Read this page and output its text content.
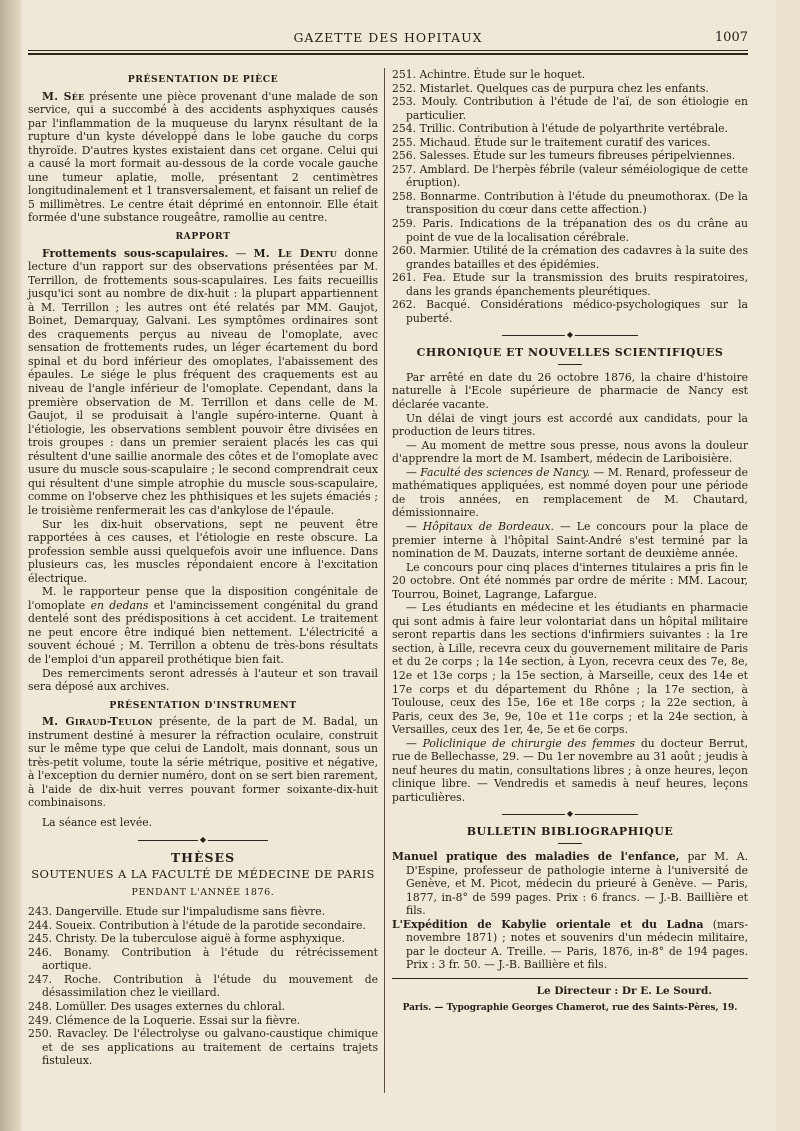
GAZETTE DES HOPITAUX	1007
PRÉSENTATION DE PIÈCE

M. Sée présente une pièce provenant d'une malade de son service, qui a succombé à des accidents asphyxiques causés par l'inflammation de la muqueuse du larynx résultant de la rupture d'un kyste développé dans le lobe gauche du corps thyroïde. D'autres kystes existaient dans cet organe. Celui qui a causé la mort formait au-dessous de la corde vocale gauche une tumeur aplatie, molle, présentant 2 centimètres longitudinalement et 1 transversalement, et faisant un relief de 5 millimètres. Le centre était déprimé en entonnoir. Elle était formée d'une substance rougeâtre, ramollie au centre.

RAPPORT

Frottements sous-scapulaires. — M. Le Dentu donne lecture d'un rapport sur des observations présentées par M. Terrillon, de frottements sous-scapulaires. Les faits recueillis jusqu'ici sont au nombre de dix-huit : la plupart appartiennent à M. Terrillon ; les autres ont été relatés par MM. Gaujot, Boinet, Demarquay, Galvani. Les symptômes ordinaires sont des craquements perçus au niveau de l'omoplate, avec sensation de frottements rudes, un léger écartement du bord spinal et du bord inférieur des omoplates, l'abaissement des épaules. Le siége le plus fréquent des craquements est au niveau de l'angle inférieur de l'omoplate. Cependant, dans la première observation de M. Terrillon et dans celle de M. Gaujot, il se produisait à l'angle supéro-interne. Quant à l'étiologie, les observations semblent pouvoir être divisées en trois groupes : dans un premier seraient placés les cas qui résultent d'une saillie anormale des côtes et de l'omoplate avec usure du muscle sous-scapulaire ; le second comprendrait ceux qui résultent d'une simple atrophie du muscle sous-scapulaire, comme on l'observe chez les phthisiques et les sujets émaciés ; le troisième renfermerait les cas d'ankylose de l'épaule.

Sur les dix-huit observations, sept ne peuvent être rapportées à ces causes, et l'étiologie en reste obscure. La profession semble aussi quelquefois avoir une influence. Dans plusieurs cas, les muscles répondaient encore à l'excitation électrique.

M. le rapporteur pense que la disposition congénitale de l'omoplate en dedans et l'amincissement congénital du grand dentelé sont des prédispositions à cet accident. Le traitement ne peut encore être indiqué bien nettement. L'électricité a souvent échoué ; M. Terrillon a obtenu de très-bons résultats de l'emploi d'un appareil prothétique bien fait.

Des remerciments seront adressés à l'auteur et son travail sera déposé aux archives.

PRÉSENTATION D'INSTRUMENT

M. Giraud-Teulon présente, de la part de M. Badal, un instrument destiné à mesurer la réfraction oculaire, construit sur le même type que celui de Landolt, mais donnant, sous un très-petit volume, toute la série métrique, positive et négative, à l'exception du dernier numéro, dont on se sert bien rarement, à l'aide de dix-huit verres pouvant former soixante-dix-huit combinaisons.

La séance est levée.

◆
THÈSES
SOUTENUES A LA FACULTÉ DE MÉDECINE DE PARIS
PENDANT L'ANNÉE 1876.

243. Dangerville. Etude sur l'impaludisme sans fièvre.

244. Soueix. Contribution à l'étude de la parotide secondaire.

245. Christy. De la tuberculose aiguë à forme asphyxique.

246. Bonamy. Contribution à l'étude du rétrécissement aortique.

247. Roche. Contribution à l'étude du mouvement de désassimilation chez le vieillard.

248. Lomüller. Des usages externes du chloral.

249. Clémence de la Loquerie. Essai sur la fièvre.

250. Ravacley. De l'électrolyse ou galvano-caustique chimique et de ses applications au traitement de certains trajets fistuleux.

251. Achintre. Étude sur le hoquet.

252. Mistarlet. Quelques cas de purpura chez les enfants.

253. Mouly. Contribution à l'étude de l'aï, de son étiologie en particulier.

254. Trillic. Contribution à l'étude de polyarthrite vertébrale.

255. Michaud. Étude sur le traitement curatif des varices.

256. Salesses. Étude sur les tumeurs fibreuses péripelviennes.

257. Amblard. De l'herpès fébrile (valeur séméiologique de cette éruption).

258. Bonnarme. Contribution à l'étude du pneumothorax. (De la transposition du cœur dans cette affection.)

259. Paris. Indications de la trépanation des os du crâne au point de vue de la localisation cérébrale.

260. Marmier. Utilité de la crémation des cadavres à la suite des grandes batailles et des épidémies.

261. Fea. Etude sur la transmission des bruits respiratoires, dans les grands épanchements pleurétiques.

262. Bacqué. Considérations médico-psychologiques sur la puberté.

◆
CHRONIQUE ET NOUVELLES SCIENTIFIQUES

Par arrêté en date du 26 octobre 1876, la chaire d'histoire naturelle à l'Ecole supérieure de pharmacie de Nancy est déclarée vacante.

Un délai de vingt jours est accordé aux candidats, pour la production de leurs titres.

— Au moment de mettre sous presse, nous avons la douleur d'apprendre la mort de M. Isambert, médecin de Lariboisière.

— Faculté des sciences de Nancy. — M. Renard, professeur de mathématiques appliquées, est nommé doyen pour une période de trois années, en remplacement de M. Chautard, démissionnaire.

— Hôpitaux de Bordeaux. — Le concours pour la place de premier interne à l'hôpital Saint-André s'est terminé par la nomination de M. Dauzats, interne sortant de deuxième année.

Le concours pour cinq places d'internes titulaires a pris fin le 20 octobre. Ont été nommés par ordre de mérite : MM. Lacour, Tourrou, Boinet, Lagrange, Lafargue.

— Les étudiants en médecine et les étudiants en pharmacie qui sont admis à faire leur volontariat dans un hôpital militaire seront repartis dans les sections d'infirmiers suivantes : la 1re section, à Lille, recevra ceux du gouvernement militaire de Paris et du 2e corps ; la 14e section, à Lyon, recevra ceux des 7e, 8e, 12e et 13e corps ; la 15e section, à Marseille, ceux des 14e et 17e corps et du département du Rhône ; la 17e section, à Toulouse, ceux des 15e, 16e et 18e corps ; la 22e section, à Paris, ceux des 3e, 9e, 10e et 11e corps ; et la 24e section, à Versailles, ceux des 1er, 4e, 5e et 6e corps.

— Policlinique de chirurgie des femmes du docteur Berrut, rue de Bellechasse, 29. — Du 1er novembre au 31 août ; jeudis à neuf heures du matin, consultations libres ; à onze heures, leçon clinique libre. — Vendredis et samedis à neuf heures, leçons particulières.

◆
BULLETIN BIBLIOGRAPHIQUE

Manuel pratique des maladies de l'enfance, par M. A. D'Espine, professeur de pathologie interne à l'université de Genève, et M. Picot, médecin du prieuré à Genève. — Paris, 1877, in-8° de 599 pages. Prix : 6 francs. — J.-B. Baillière et fils.

L'Expédition de Kabylie orientale et du Ladna (mars-novembre 1871) ; notes et souvenirs d'un médecin militaire, par le docteur A. Treille. — Paris, 1876, in-8° de 194 pages. Prix : 3 fr. 50. — J.-B. Baillière et fils.

Le Directeur : Dr E. Le Sourd.
Paris. — Typographie Georges Chamerot, rue des Saints-Pères, 19.
